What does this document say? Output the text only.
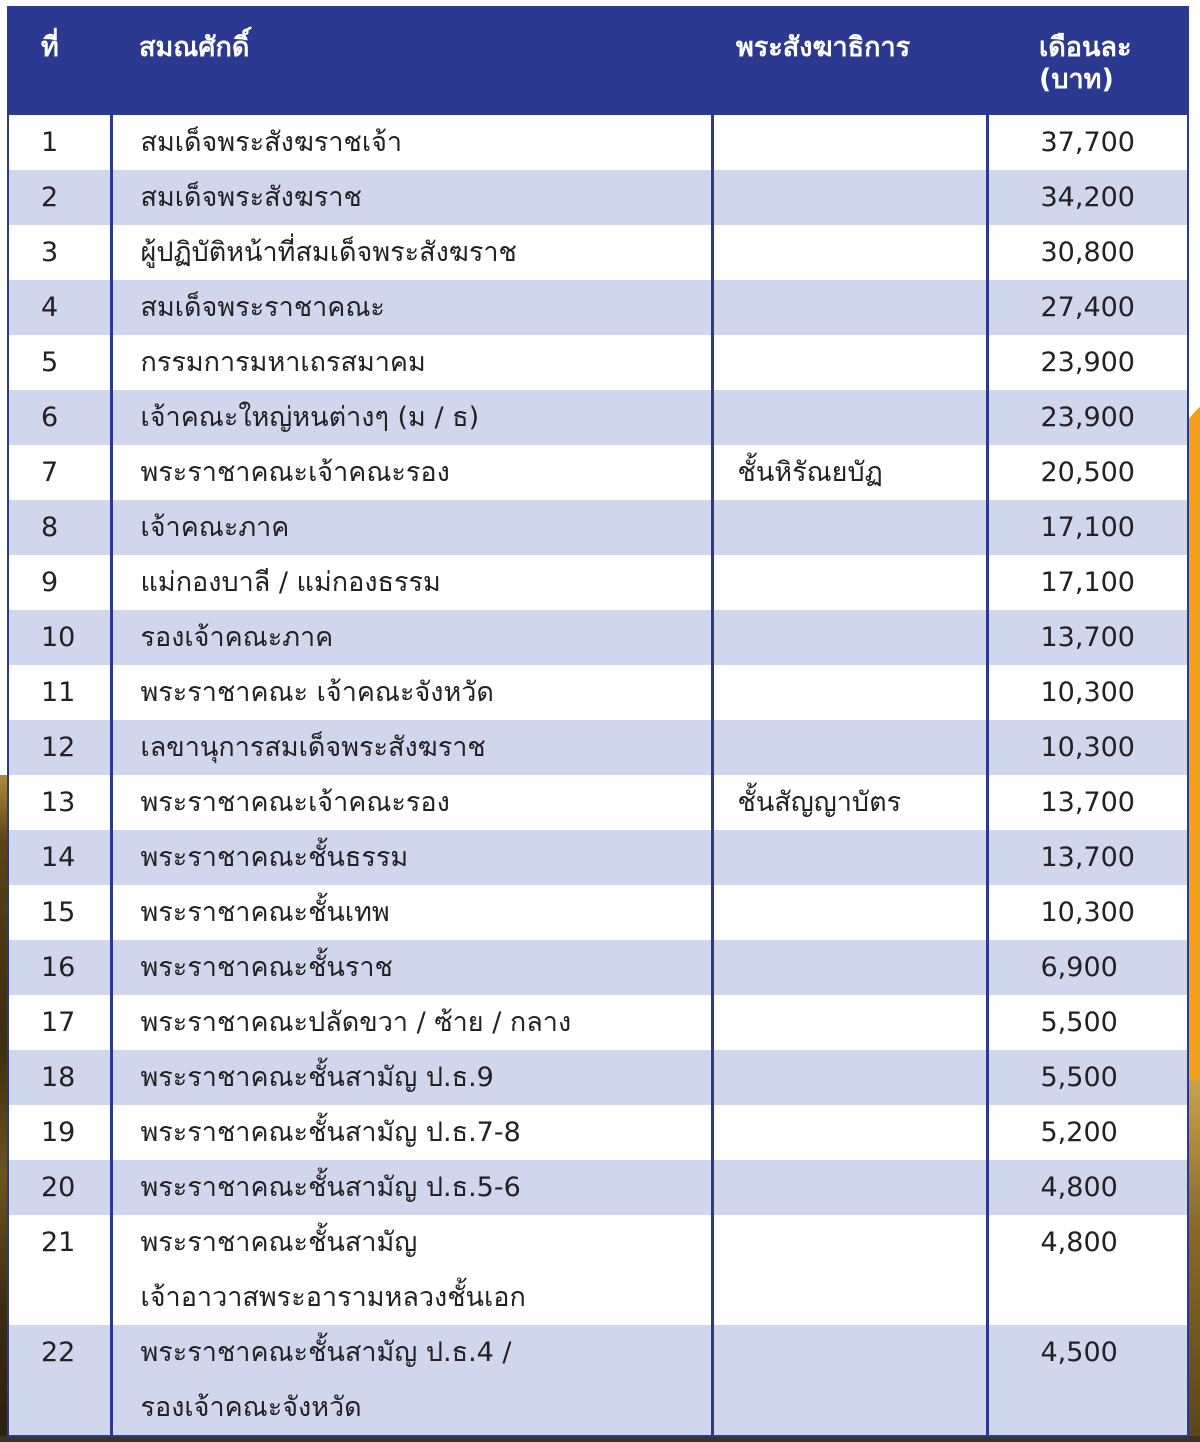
ที่	สมณศักดิ์	พระสังฆาธิการ	เดือนละ
(บาท)

1	สมเด็จพระสังฆราชเจ้า		37,700
2	สมเด็จพระสังฆราช		34,200
3	ผู้ปฏิบัติหน้าที่สมเด็จพระสังฆราช		30,800
4	สมเด็จพระราชาคณะ		27,400
5	กรรมการมหาเถรสมาคม		23,900
6	เจ้าคณะใหญ่หนต่างๆ (ม / ธ)		23,900
7	พระราชาคณะเจ้าคณะรอง	ชั้นหิรัณยบัฏ	20,500
8	เจ้าคณะภาค		17,100
9	แม่กองบาลี / แม่กองธรรม		17,100
10	รองเจ้าคณะภาค		13,700
11	พระราชาคณะ เจ้าคณะจังหวัด		10,300
12	เลขานุการสมเด็จพระสังฆราช		10,300
13	พระราชาคณะเจ้าคณะรอง	ชั้นสัญญาบัตร	13,700
14	พระราชาคณะชั้นธรรม		13,700
15	พระราชาคณะชั้นเทพ		10,300
16	พระราชาคณะชั้นราช		6,900
17	พระราชาคณะปลัดขวา / ซ้าย / กลาง		5,500
18	พระราชาคณะชั้นสามัญ ป.ธ.9		5,500
19	พระราชาคณะชั้นสามัญ ป.ธ.7-8		5,200
20	พระราชาคณะชั้นสามัญ ป.ธ.5-6		4,800
21	พระราชาคณะชั้นสามัญ
เจ้าอาวาสพระอารามหลวงชั้นเอก		4,800
22	พระราชาคณะชั้นสามัญ ป.ธ.4 /
รองเจ้าคณะจังหวัด		4,500
